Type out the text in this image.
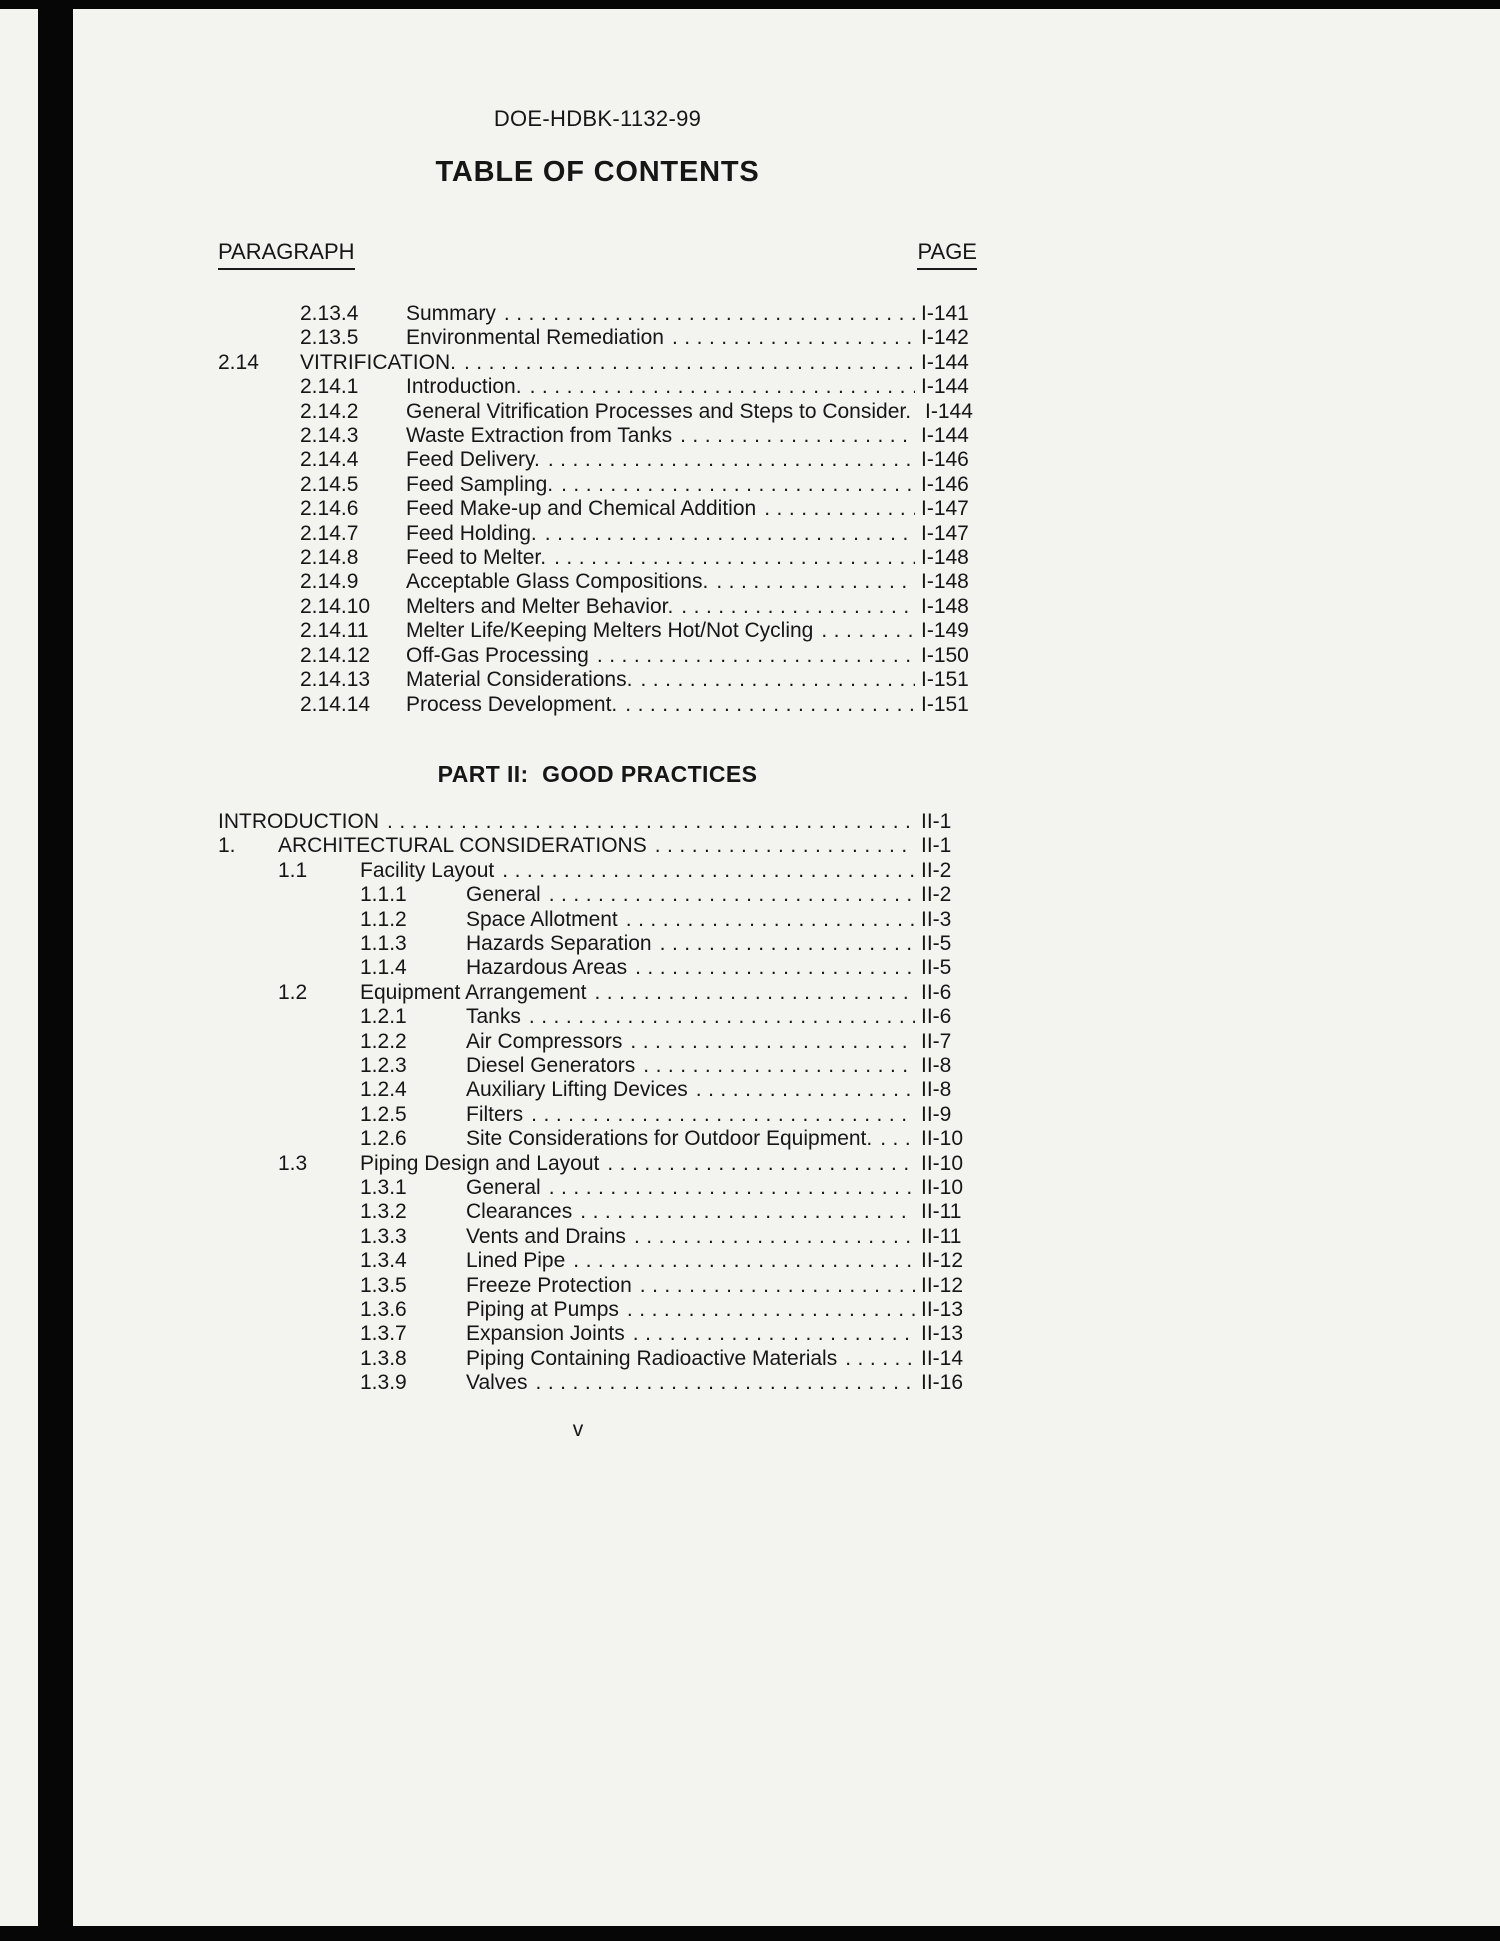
DOE-HDBK-1132-99
TABLE OF CONTENTS
PARAGRAPH	PAGE
2.13.4	Summary .....	I-141
2.13.5	Environmental Remediation .....	I-142
2.14	VITRIFICATION. .....	I-144
2.14.1	Introduction. .....	I-144
2.14.2	General Vitrification Processes and Steps to Consider. I-144
2.14.3	Waste Extraction from Tanks .....	I-144
2.14.4	Feed Delivery. .....	I-146
2.14.5	Feed Sampling. .....	I-146
2.14.6	Feed Make-up and Chemical Addition .....	I-147
2.14.7	Feed Holding. .....	I-147
2.14.8	Feed to Melter. .....	I-148
2.14.9	Acceptable Glass Compositions. .....	I-148
2.14.10	Melters and Melter Behavior. .....	I-148
2.14.11	Melter Life/Keeping Melters Hot/Not Cycling .....	I-149
2.14.12	Off-Gas Processing .....	I-150
2.14.13	Material Considerations. .....	I-151
2.14.14	Process Development. .....	I-151
PART II:  GOOD PRACTICES
INTRODUCTION .....	II-1
1.	ARCHITECTURAL CONSIDERATIONS .....	II-1
1.1	Facility Layout .....	II-2
1.1.1	General .....	II-2
1.1.2	Space Allotment .....	II-3
1.1.3	Hazards Separation .....	II-5
1.1.4	Hazardous Areas .....	II-5
1.2	Equipment Arrangement .....	II-6
1.2.1	Tanks .....	II-6
1.2.2	Air Compressors .....	II-7
1.2.3	Diesel Generators .....	II-8
1.2.4	Auxiliary Lifting Devices .....	II-8
1.2.5	Filters .....	II-9
1.2.6	Site Considerations for Outdoor Equipment. ..... II-10
1.3	Piping Design and Layout .....	II-10
1.3.1	General .....	II-10
1.3.2	Clearances .....	II-11
1.3.3	Vents and Drains .....	II-11
1.3.4	Lined Pipe .....	II-12
1.3.5	Freeze Protection .....	II-12
1.3.6	Piping at Pumps .....	II-13
1.3.7	Expansion Joints .....	II-13
1.3.8	Piping Containing Radioactive Materials .....	II-14
1.3.9	Valves .....	II-16
v
